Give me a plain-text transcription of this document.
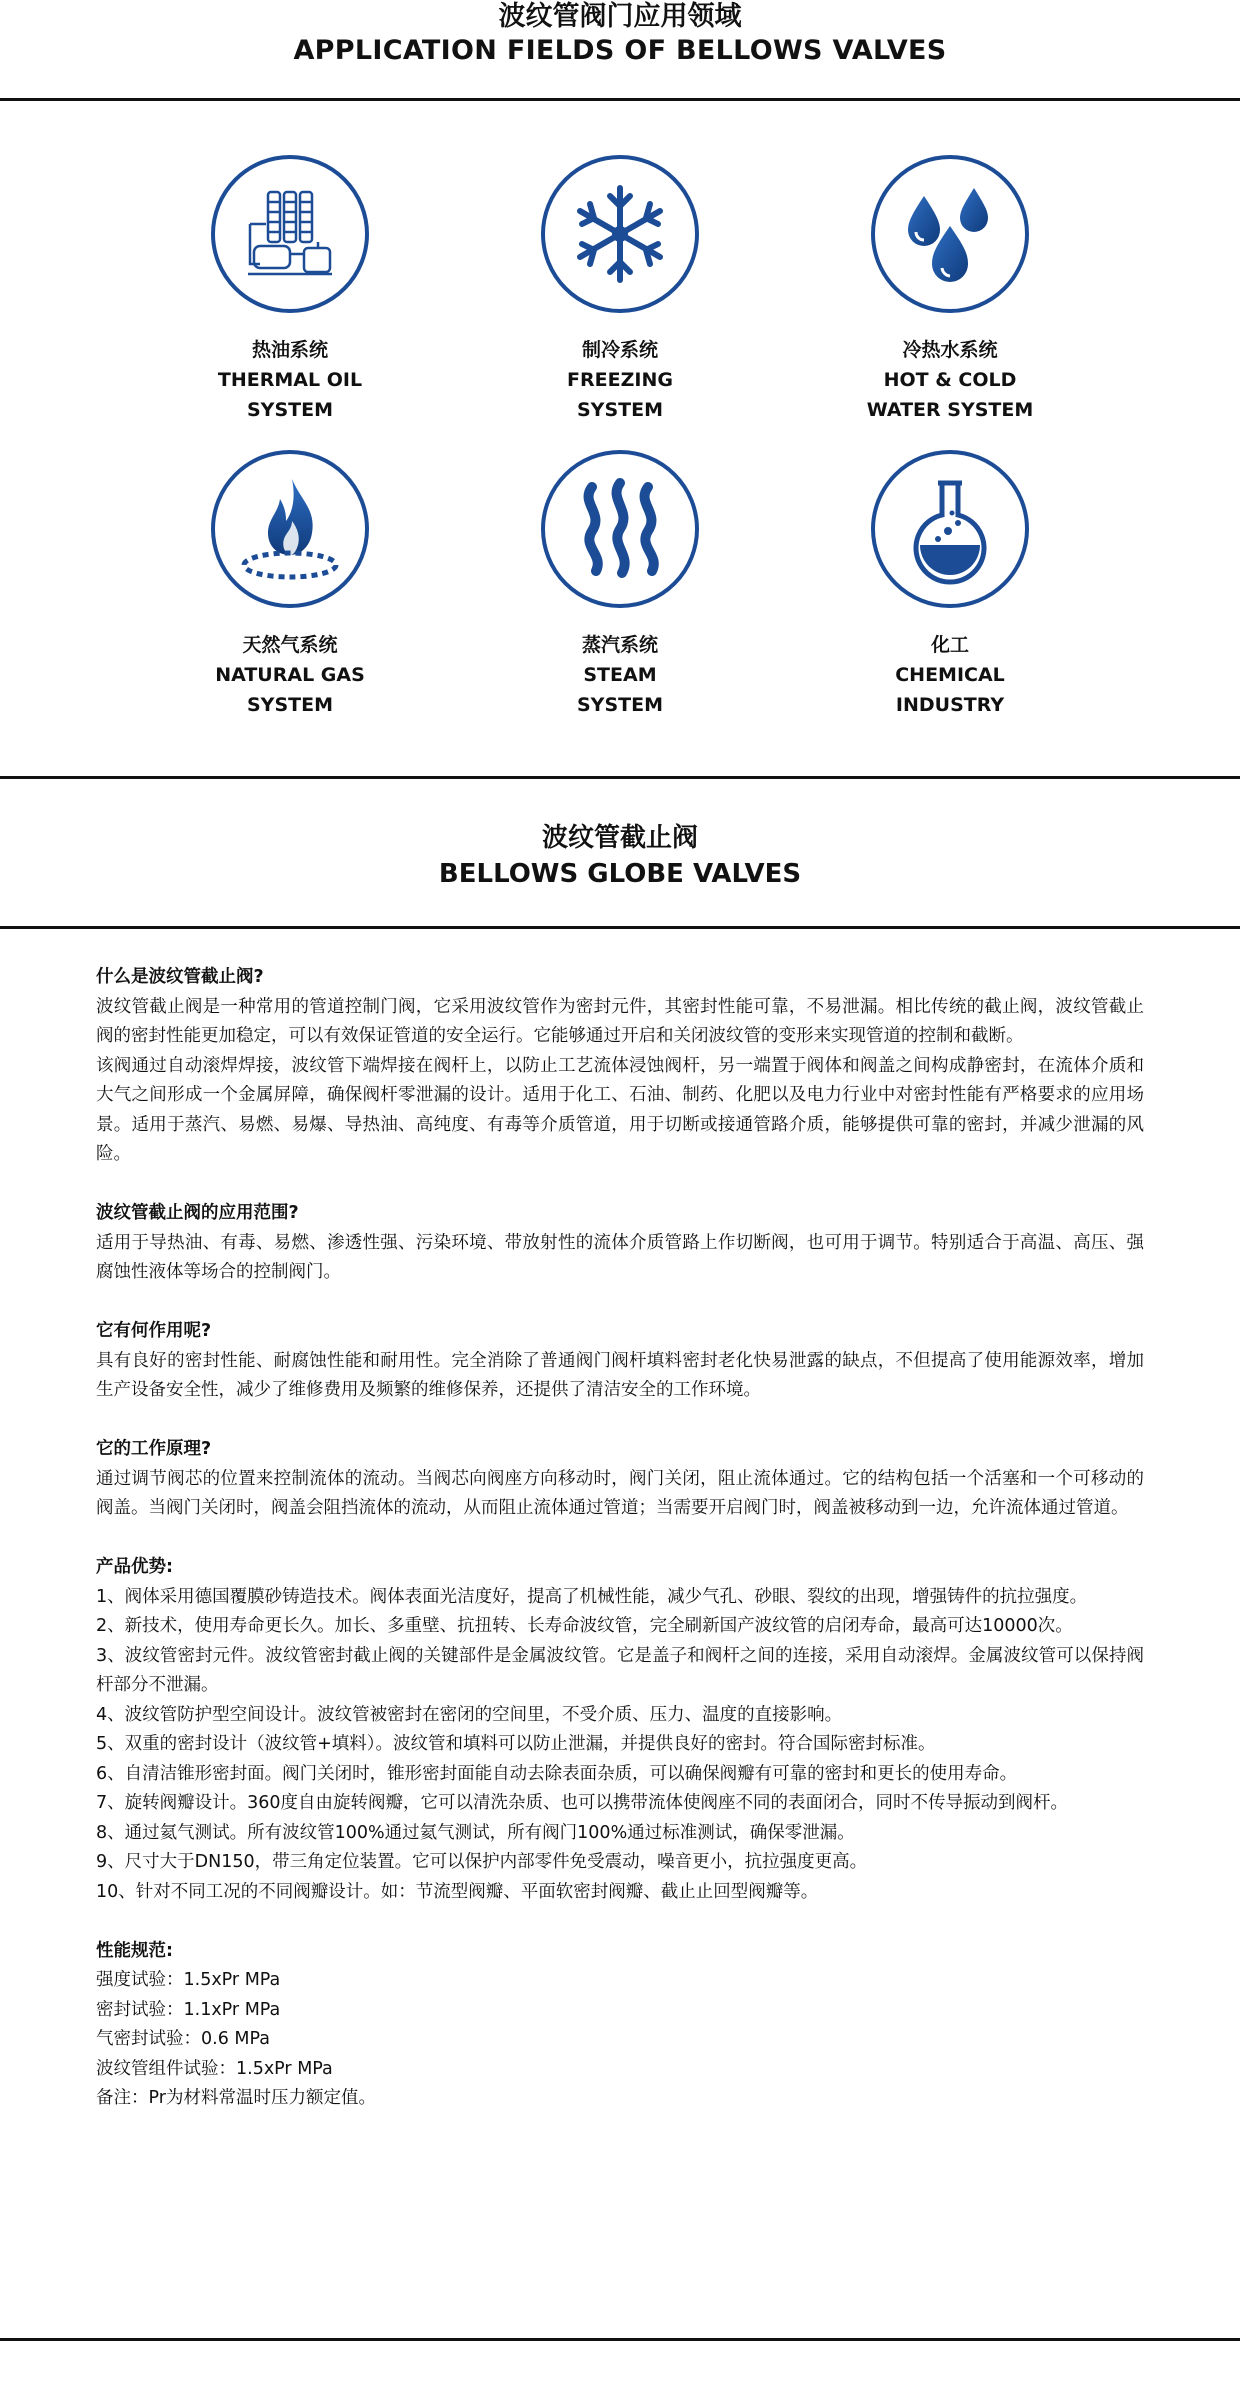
波纹管阀门应用领域
APPLICATION FIELDS OF BELLOWS VALVES
热油系统
THERMAL OIL
SYSTEM
制冷系统
FREEZING
SYSTEM
冷热水系统
HOT & COLD
WATER SYSTEM
天然气系统
NATURAL GAS
SYSTEM
蒸汽系统
STEAM
SYSTEM
化工
CHEMICAL
INDUSTRY
波纹管截止阀
BELLOWS GLOBE VALVES

什么是波纹管截止阀?

波纹管截止阀是一种常用的管道控制门阀，它采用波纹管作为密封元件，其密封性能可靠，不易泄漏。相比传统的截止阀，波纹管截止阀的密封性能更加稳定，可以有效保证管道的安全运行。它能够通过开启和关闭波纹管的变形来实现管道的控制和截断。

该阀通过自动滚焊焊接，波纹管下端焊接在阀杆上，以防止工艺流体浸蚀阀杆，另一端置于阀体和阀盖之间构成静密封，在流体介质和大气之间形成一个金属屏障，确保阀杆零泄漏的设计。适用于化工、石油、制药、化肥以及电力行业中对密封性能有严格要求的应用场景。适用于蒸汽、易燃、易爆、导热油、高纯度、有毒等介质管道，用于切断或接通管路介质，能够提供可靠的密封，并减少泄漏的风险。

波纹管截止阀的应用范围?

适用于导热油、有毒、易燃、渗透性强、污染环境、带放射性的流体介质管路上作切断阀，也可用于调节。特别适合于高温、高压、强腐蚀性液体等场合的控制阀门。

它有何作用呢?

具有良好的密封性能、耐腐蚀性能和耐用性。完全消除了普通阀门阀杆填料密封老化快易泄露的缺点，不但提高了使用能源效率，增加生产设备安全性，减少了维修费用及频繁的维修保养，还提供了清洁安全的工作环境。

它的工作原理?

通过调节阀芯的位置来控制流体的流动。当阀芯向阀座方向移动时，阀门关闭，阻止流体通过。它的结构包括一个活塞和一个可移动的阀盖。当阀门关闭时，阀盖会阻挡流体的流动，从而阻止流体通过管道；当需要开启阀门时，阀盖被移动到一边，允许流体通过管道。

产品优势:

1、阀体采用德国覆膜砂铸造技术。阀体表面光洁度好，提高了机械性能，减少气孔、砂眼、裂纹的出现，增强铸件的抗拉强度。

2、新技术，使用寿命更长久。加长、多重壁、抗扭转、长寿命波纹管，完全刷新国产波纹管的启闭寿命，最高可达10000次。

3、波纹管密封元件。波纹管密封截止阀的关键部件是金属波纹管。它是盖子和阀杆之间的连接，采用自动滚焊。金属波纹管可以保持阀杆部分不泄漏。

4、波纹管防护型空间设计。波纹管被密封在密闭的空间里，不受介质、压力、温度的直接影响。

5、双重的密封设计（波纹管+填料）。波纹管和填料可以防止泄漏，并提供良好的密封。符合国际密封标准。

6、自清洁锥形密封面。阀门关闭时，锥形密封面能自动去除表面杂质，可以确保阀瓣有可靠的密封和更长的使用寿命。

7、旋转阀瓣设计。360度自由旋转阀瓣，它可以清洗杂质、也可以携带流体使阀座不同的表面闭合，同时不传导振动到阀杆。

8、通过氦气测试。所有波纹管100%通过氦气测试，所有阀门100%通过标准测试，确保零泄漏。

9、尺寸大于DN150，带三角定位装置。它可以保护内部零件免受震动，噪音更小，抗拉强度更高。

10、针对不同工况的不同阀瓣设计。如：节流型阀瓣、平面软密封阀瓣、截止止回型阀瓣等。

性能规范:

强度试验：1.5xPr MPa

密封试验：1.1xPr MPa

气密封试验：0.6 MPa

波纹管组件试验：1.5xPr MPa

备注：Pr为材料常温时压力额定值。
